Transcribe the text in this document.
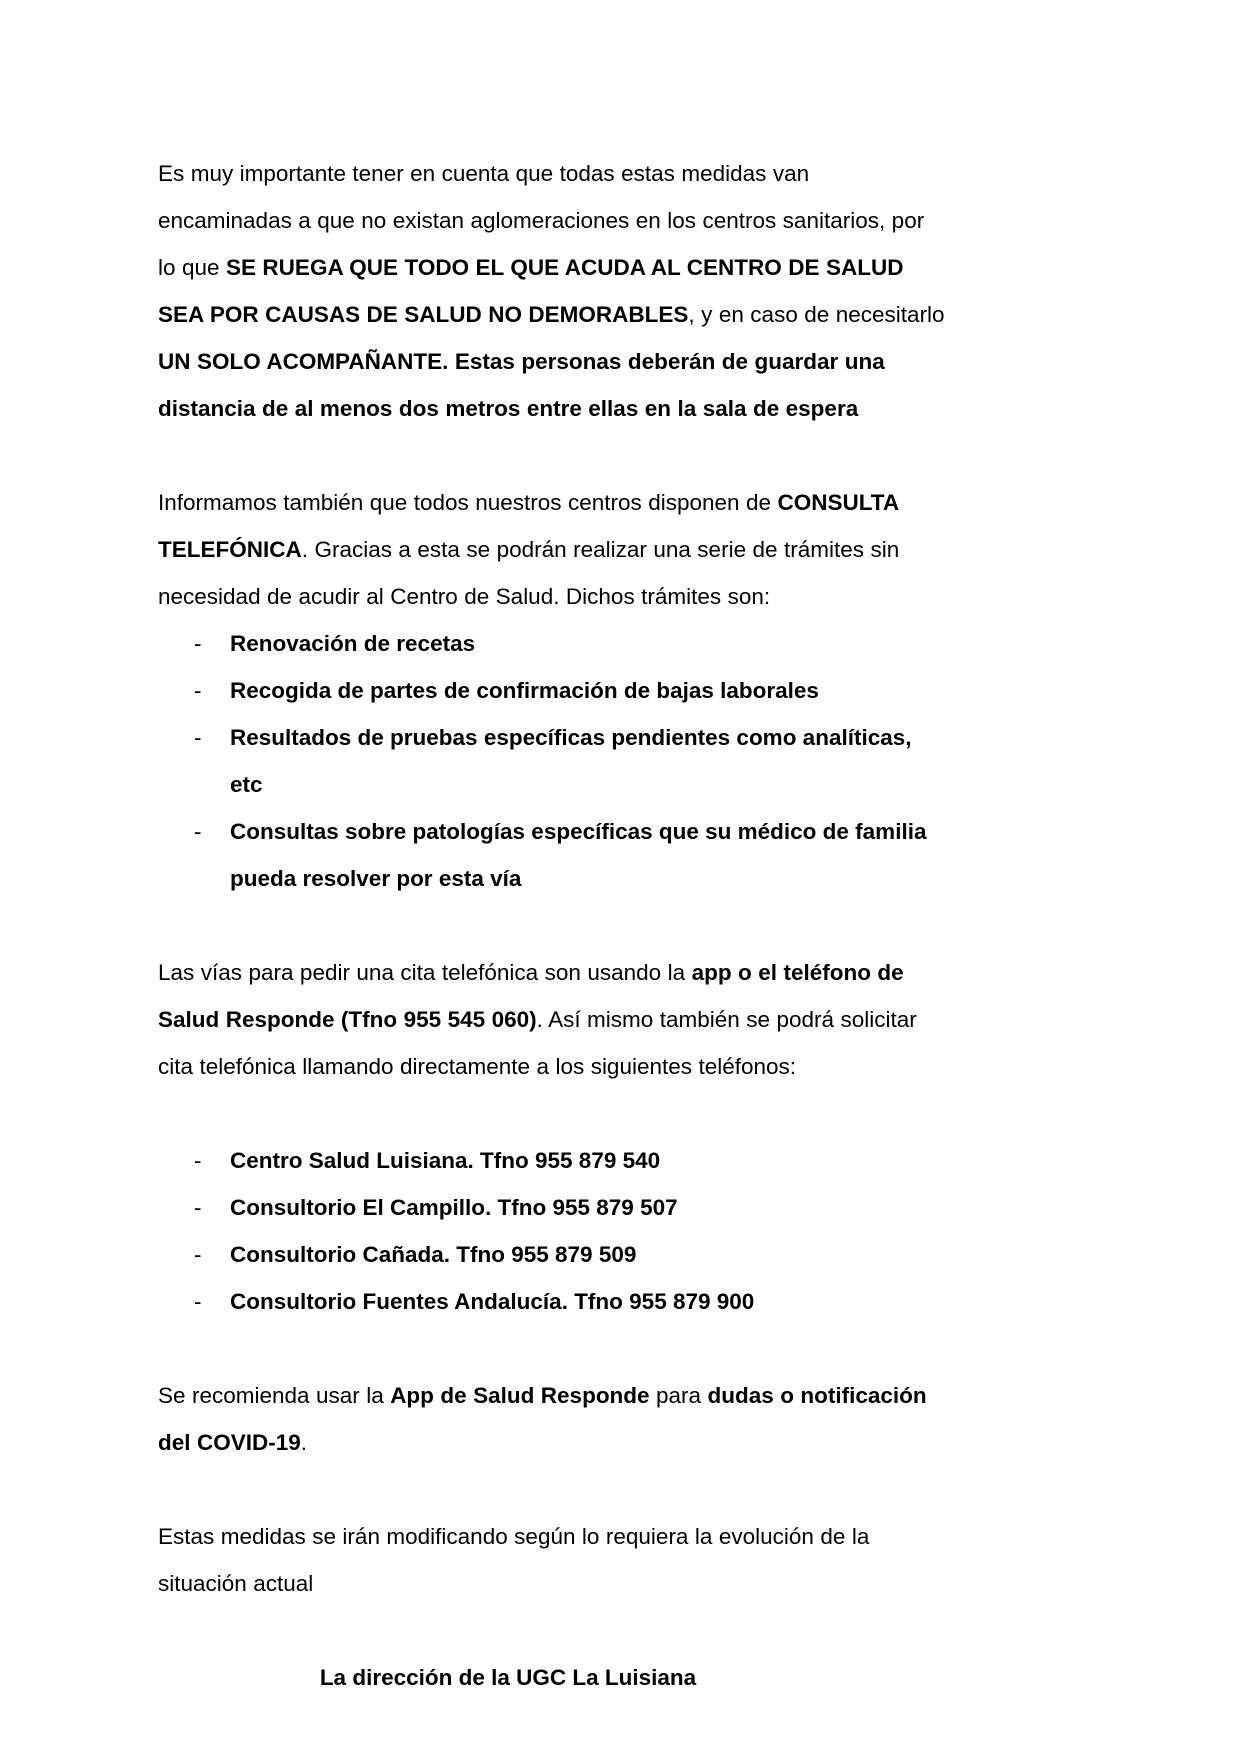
Es muy importante tener en cuenta que todas estas medidas van encaminadas a que no existan aglomeraciones en los centros sanitarios, por lo que SE RUEGA QUE TODO EL QUE ACUDA AL CENTRO DE SALUD SEA POR CAUSAS DE SALUD NO DEMORABLES, y en caso de necesitarlo UN SOLO ACOMPAÑANTE. Estas personas deberán de guardar una distancia de al menos dos metros entre ellas en la sala de espera

Informamos también que todos nuestros centros disponen de CONSULTA TELEFÓNICA. Gracias a esta se podrán realizar una serie de trámites sin necesidad de acudir al Centro de Salud. Dichos trámites son:

- Renovación de recetas
- Recogida de partes de confirmación de bajas laborales
- Resultados de pruebas específicas pendientes como analíticas, etc
- Consultas sobre patologías específicas que su médico de familia pueda resolver por esta vía

Las vías para pedir una cita telefónica son usando la app o el teléfono de Salud Responde (Tfno 955 545 060). Así mismo también se podrá solicitar cita telefónica llamando directamente a los siguientes teléfonos:

- Centro Salud Luisiana. Tfno 955 879 540
- Consultorio El Campillo. Tfno 955 879 507
- Consultorio Cañada. Tfno 955 879 509
- Consultorio Fuentes Andalucía. Tfno 955 879 900

Se recomienda usar la App de Salud Responde para dudas o notificación del COVID-19.

Estas medidas se irán modificando según lo requiera la evolución de la situación actual

La dirección de la UGC La Luisiana
